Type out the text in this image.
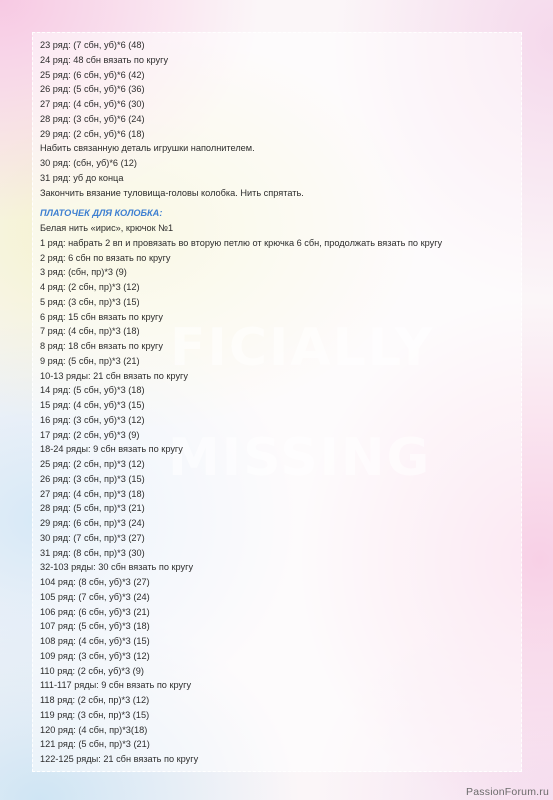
FICIALLY
MISSING
23 ряд: (7 сбн, уб)*6 (48)
24 ряд: 48 сбн вязать по кругу
25 ряд: (6 сбн, уб)*6 (42)
26 ряд: (5 сбн, уб)*6 (36)
27 ряд: (4 сбн, уб)*6 (30)
28 ряд: (3 сбн, уб)*6 (24)
29 ряд: (2 сбн, уб)*6 (18)
Набить связанную деталь игрушки наполнителем.
30 ряд: (сбн, уб)*6 (12)
31 ряд: уб до конца
Закончить вязание туловища-головы колобка. Нить спрятать.
ПЛАТОЧЕК ДЛЯ КОЛОБКА:
Белая нить «ирис», крючок №1
1 ряд: набрать 2 вп и провязать во вторую петлю от крючка 6 сбн, продолжать вязать по кругу
2 ряд: 6 сбн по вязать по кругу
3 ряд: (сбн, пр)*3 (9)
4 ряд: (2 сбн, пр)*3 (12)
5 ряд: (3 сбн, пр)*3 (15)
6 ряд: 15 сбн вязать по кругу
7 ряд: (4 сбн, пр)*3 (18)
8 ряд: 18 сбн вязать по кругу
9 ряд: (5 сбн, пр)*3 (21)
10-13 ряды: 21 сбн вязать по кругу
14 ряд: (5 сбн, уб)*3 (18)
15 ряд: (4 сбн, уб)*3 (15)
16 ряд: (3 сбн, уб)*3 (12)
17 ряд: (2 сбн, уб)*3 (9)
18-24 ряды: 9 сбн вязать по кругу
25 ряд: (2 сбн, пр)*3 (12)
26 ряд: (3 сбн, пр)*3 (15)
27 ряд: (4 сбн, пр)*3 (18)
28 ряд: (5 сбн, пр)*3 (21)
29 ряд: (6 сбн, пр)*3 (24)
30 ряд: (7 сбн, пр)*3 (27)
31 ряд: (8 сбн, пр)*3 (30)
32-103 ряды: 30 сбн вязать по кругу
104 ряд: (8 сбн, уб)*3 (27)
105 ряд: (7 сбн, уб)*3 (24)
106 ряд: (6 сбн, уб)*3 (21)
107 ряд: (5 сбн, уб)*3 (18)
108 ряд: (4 сбн, уб)*3 (15)
109 ряд: (3 сбн, уб)*3 (12)
110 ряд: (2 сбн, уб)*3 (9)
111-117 ряды: 9 сбн вязать по кругу
118 ряд: (2 сбн, пр)*3 (12)
119 ряд: (3 сбн, пр)*3 (15)
120 ряд: (4 сбн, пр)*3(18)
121 ряд: (5 сбн, пр)*3 (21)
122-125 ряды: 21 сбн вязать по кругу
PassionForum.ru
